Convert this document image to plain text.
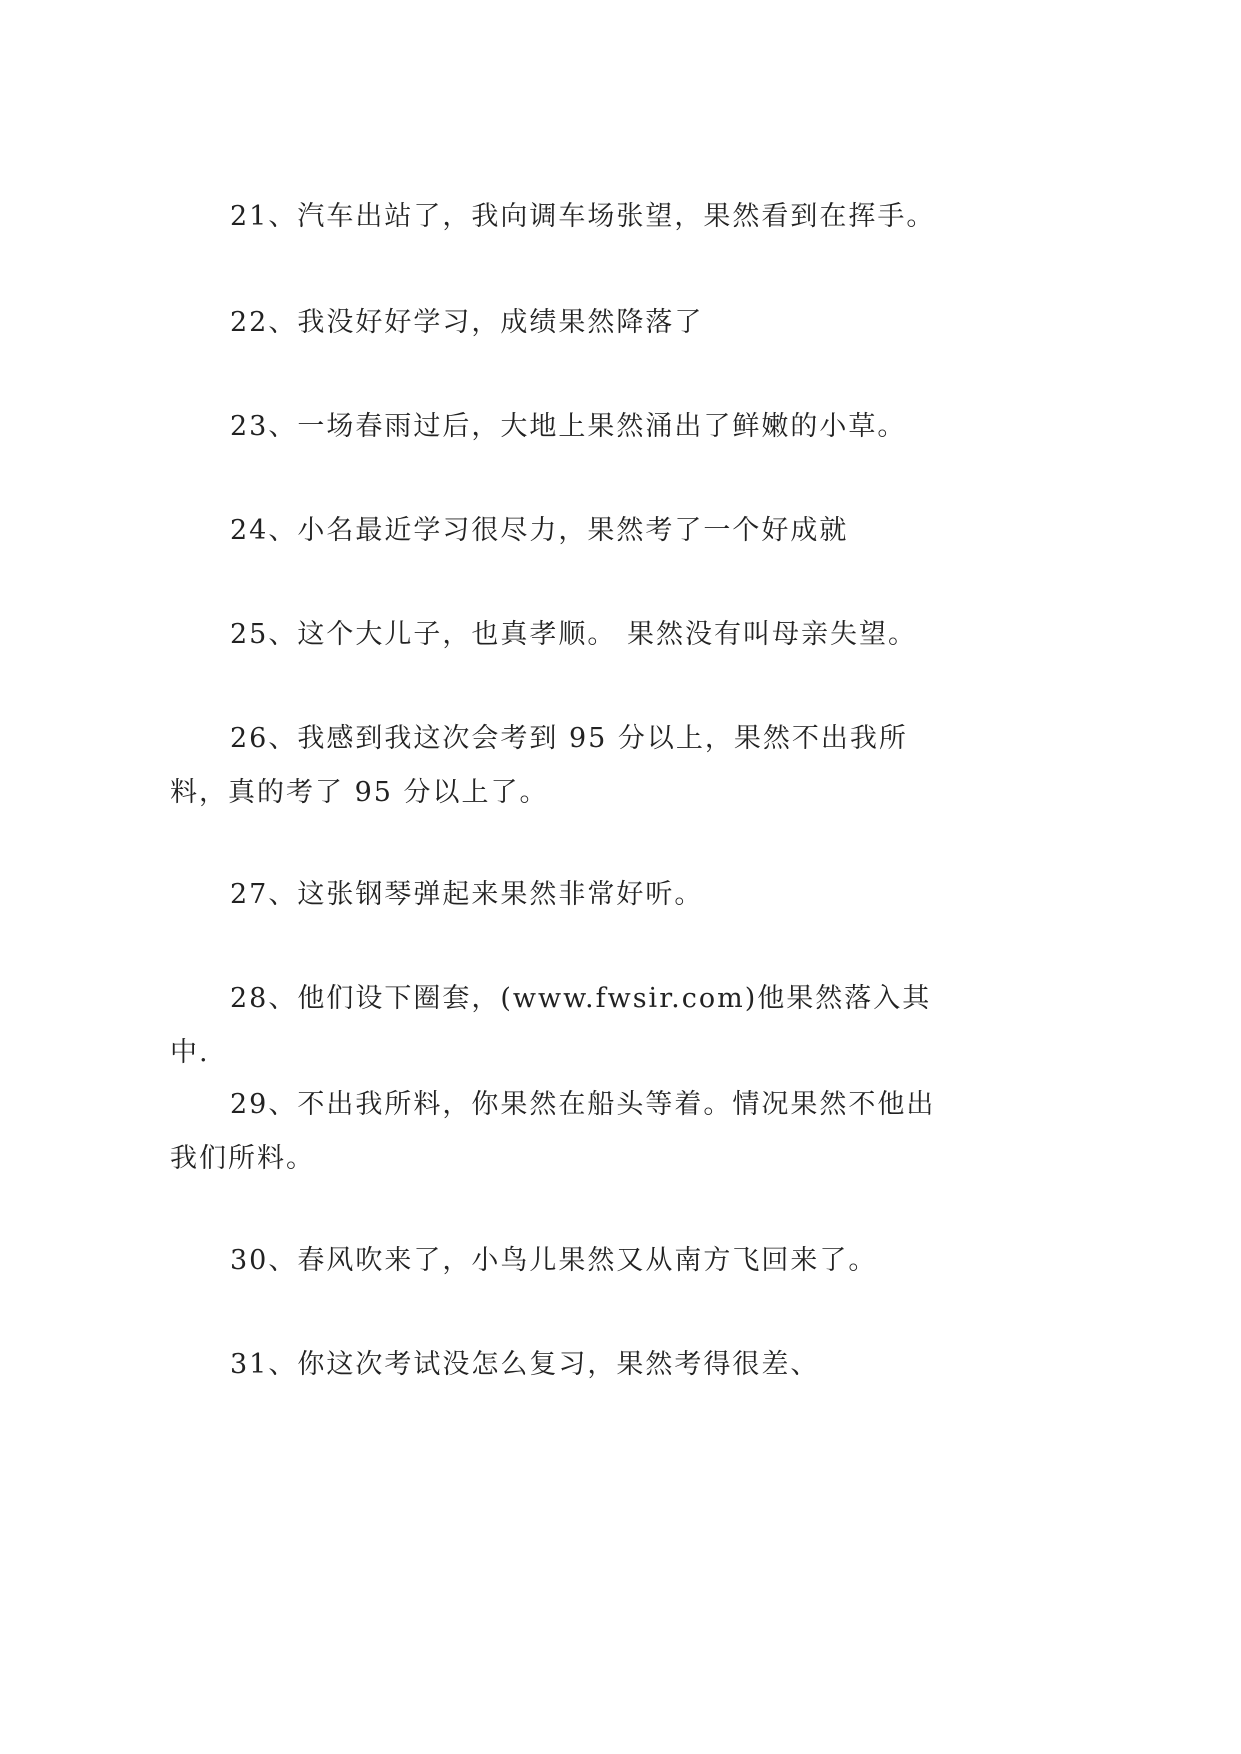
21、汽车出站了，我向调车场张望，果然看到在挥手。

22、我没好好学习，成绩果然降落了

23、一场春雨过后，大地上果然涌出了鲜嫩的小草。

24、小名最近学习很尽力，果然考了一个好成就

25、这个大儿子，也真孝顺。 果然没有叫母亲失望。

26、我感到我这次会考到 95 分以上，果然不出我所料，真的考了 95 分以上了。

27、这张钢琴弹起来果然非常好听。

28、他们设下圈套，(www.fwsir.com)他果然落入其中.

29、不出我所料，你果然在船头等着。情况果然不他出我们所料。

30、春风吹来了，小鸟儿果然又从南方飞回来了。

31、你这次考试没怎么复习，果然考得很差、
